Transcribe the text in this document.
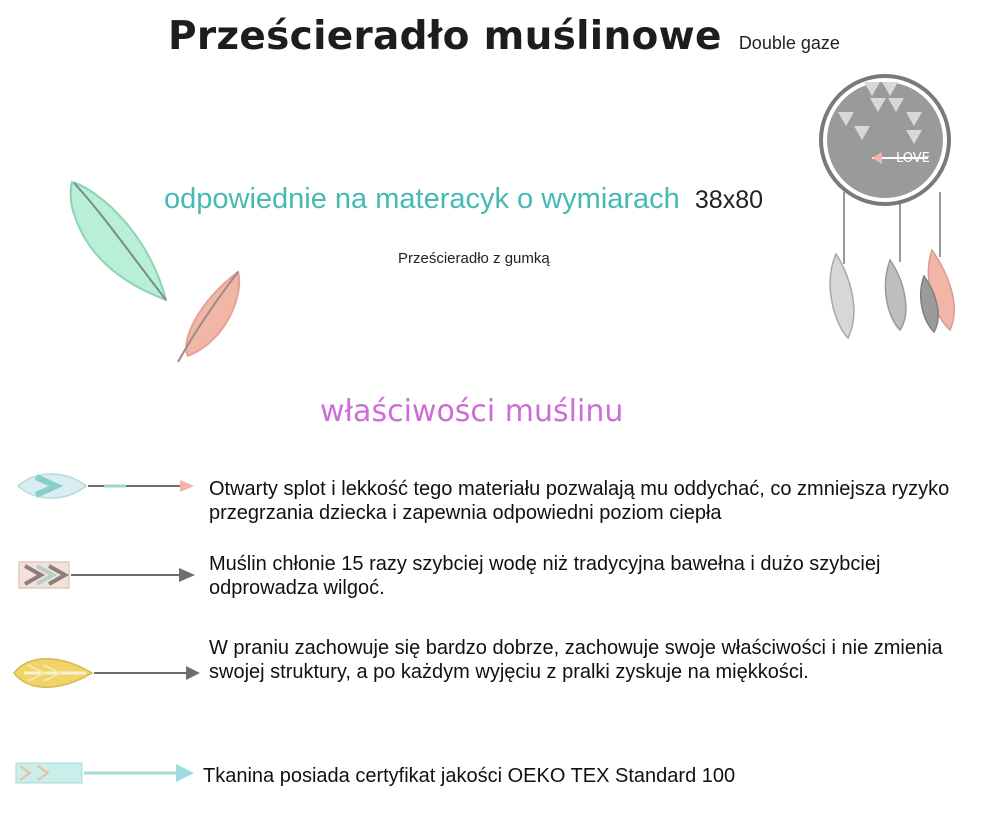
Prześcieradło muślinowe Double gaze
odpowiednie na materacyk o wymiarach 38x80
Prześcieradło z gumką
LOVE
właściwości muślinu
Otwarty splot i lekkość tego materiału pozwalają mu oddychać, co zmniejsza ryzyko przegrzania dziecka i zapewnia odpowiedni poziom ciepła
Muślin chłonie 15 razy szybciej wodę niż tradycyjna bawełna i dużo szybciej odprowadza wilgoć.
W praniu zachowuje się bardzo dobrze, zachowuje swoje właściwości i nie zmienia swojej struktury, a po każdym wyjęciu z pralki zyskuje na miękkości.
Tkanina posiada certyfikat jakości OEKO TEX Standard 100
